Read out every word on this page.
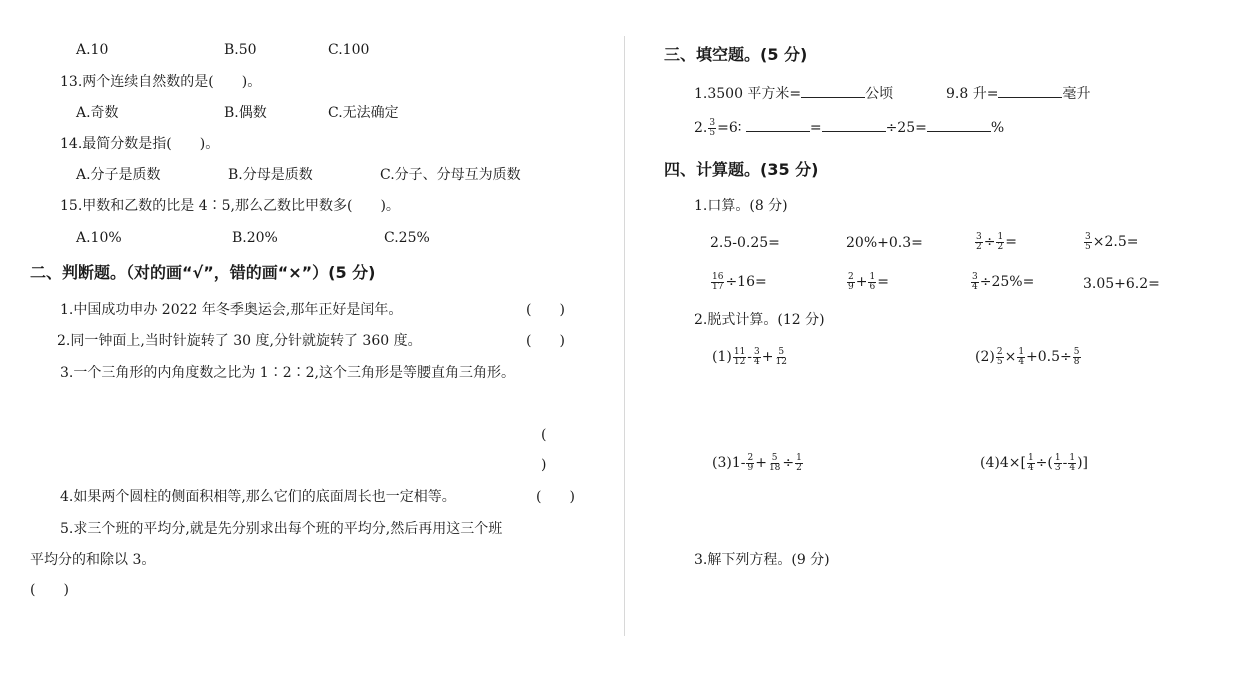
A.10	B.50	C.100
13.两个连续自然数的是(　　)。
A.奇数	B.偶数	C.无法确定
14.最简分数是指(　　)。
A.分子是质数	B.分母是质数	C.分子、分母互为质数
15.甲数和乙数的比是 4∶5,那么乙数比甲数多(　　)。
A.10%	B.20%	C.25%
二、判断题。（对的画“√”，错的画“×”）(5 分)
1.中国成功申办 2022 年冬季奥运会,那年正好是闰年。	(　　)
2.同一钟面上,当时针旋转了 30 度,分针就旋转了 360 度。	(　　)
3.一个三角形的内角度数之比为 1∶2∶2,这个三角形是等腰直角三角形。
(
)
4.如果两个圆柱的侧面积相等,那么它们的底面周长也一定相等。	(　　)
5.求三个班的平均分,就是先分别求出每个班的平均分,然后再用这三个班
平均分的和除以 3。
(　　)
三、填空题。(5 分)
1.3500 平方米=	公顷	9.8 升=	毫升
2. $\frac{3}{5}$ =6∶	=	÷25=	%
四、计算题。(35 分)
1.口算。(8 分)
2.5-0.25=	20%+0.3=	$\frac{3}{2} \div \frac{1}{2}$ =	$\frac{3}{5} \times 2.5=$
$\frac{16}{17} \div 16=$	$\frac{2}{9} + \frac{1}{6}$ =	$\frac{3}{4} \div 25\%=$	3.05+6.2=
2.脱式计算。(12 分)
$(1) \frac{11}{12} - \frac{3}{4} + \frac{5}{12}$	$(2) \frac{2}{5} \times \frac{1}{4} +0.5\div \frac{5}{8}$
$(3)1- \frac{2}{9} + \frac{5}{18} \div \frac{1}{2}$	$(4)4\times[ \frac{1}{4}$ ÷( $\frac{1}{3} - \frac{1}{4}$ )]
3.解下列方程。(9 分)
